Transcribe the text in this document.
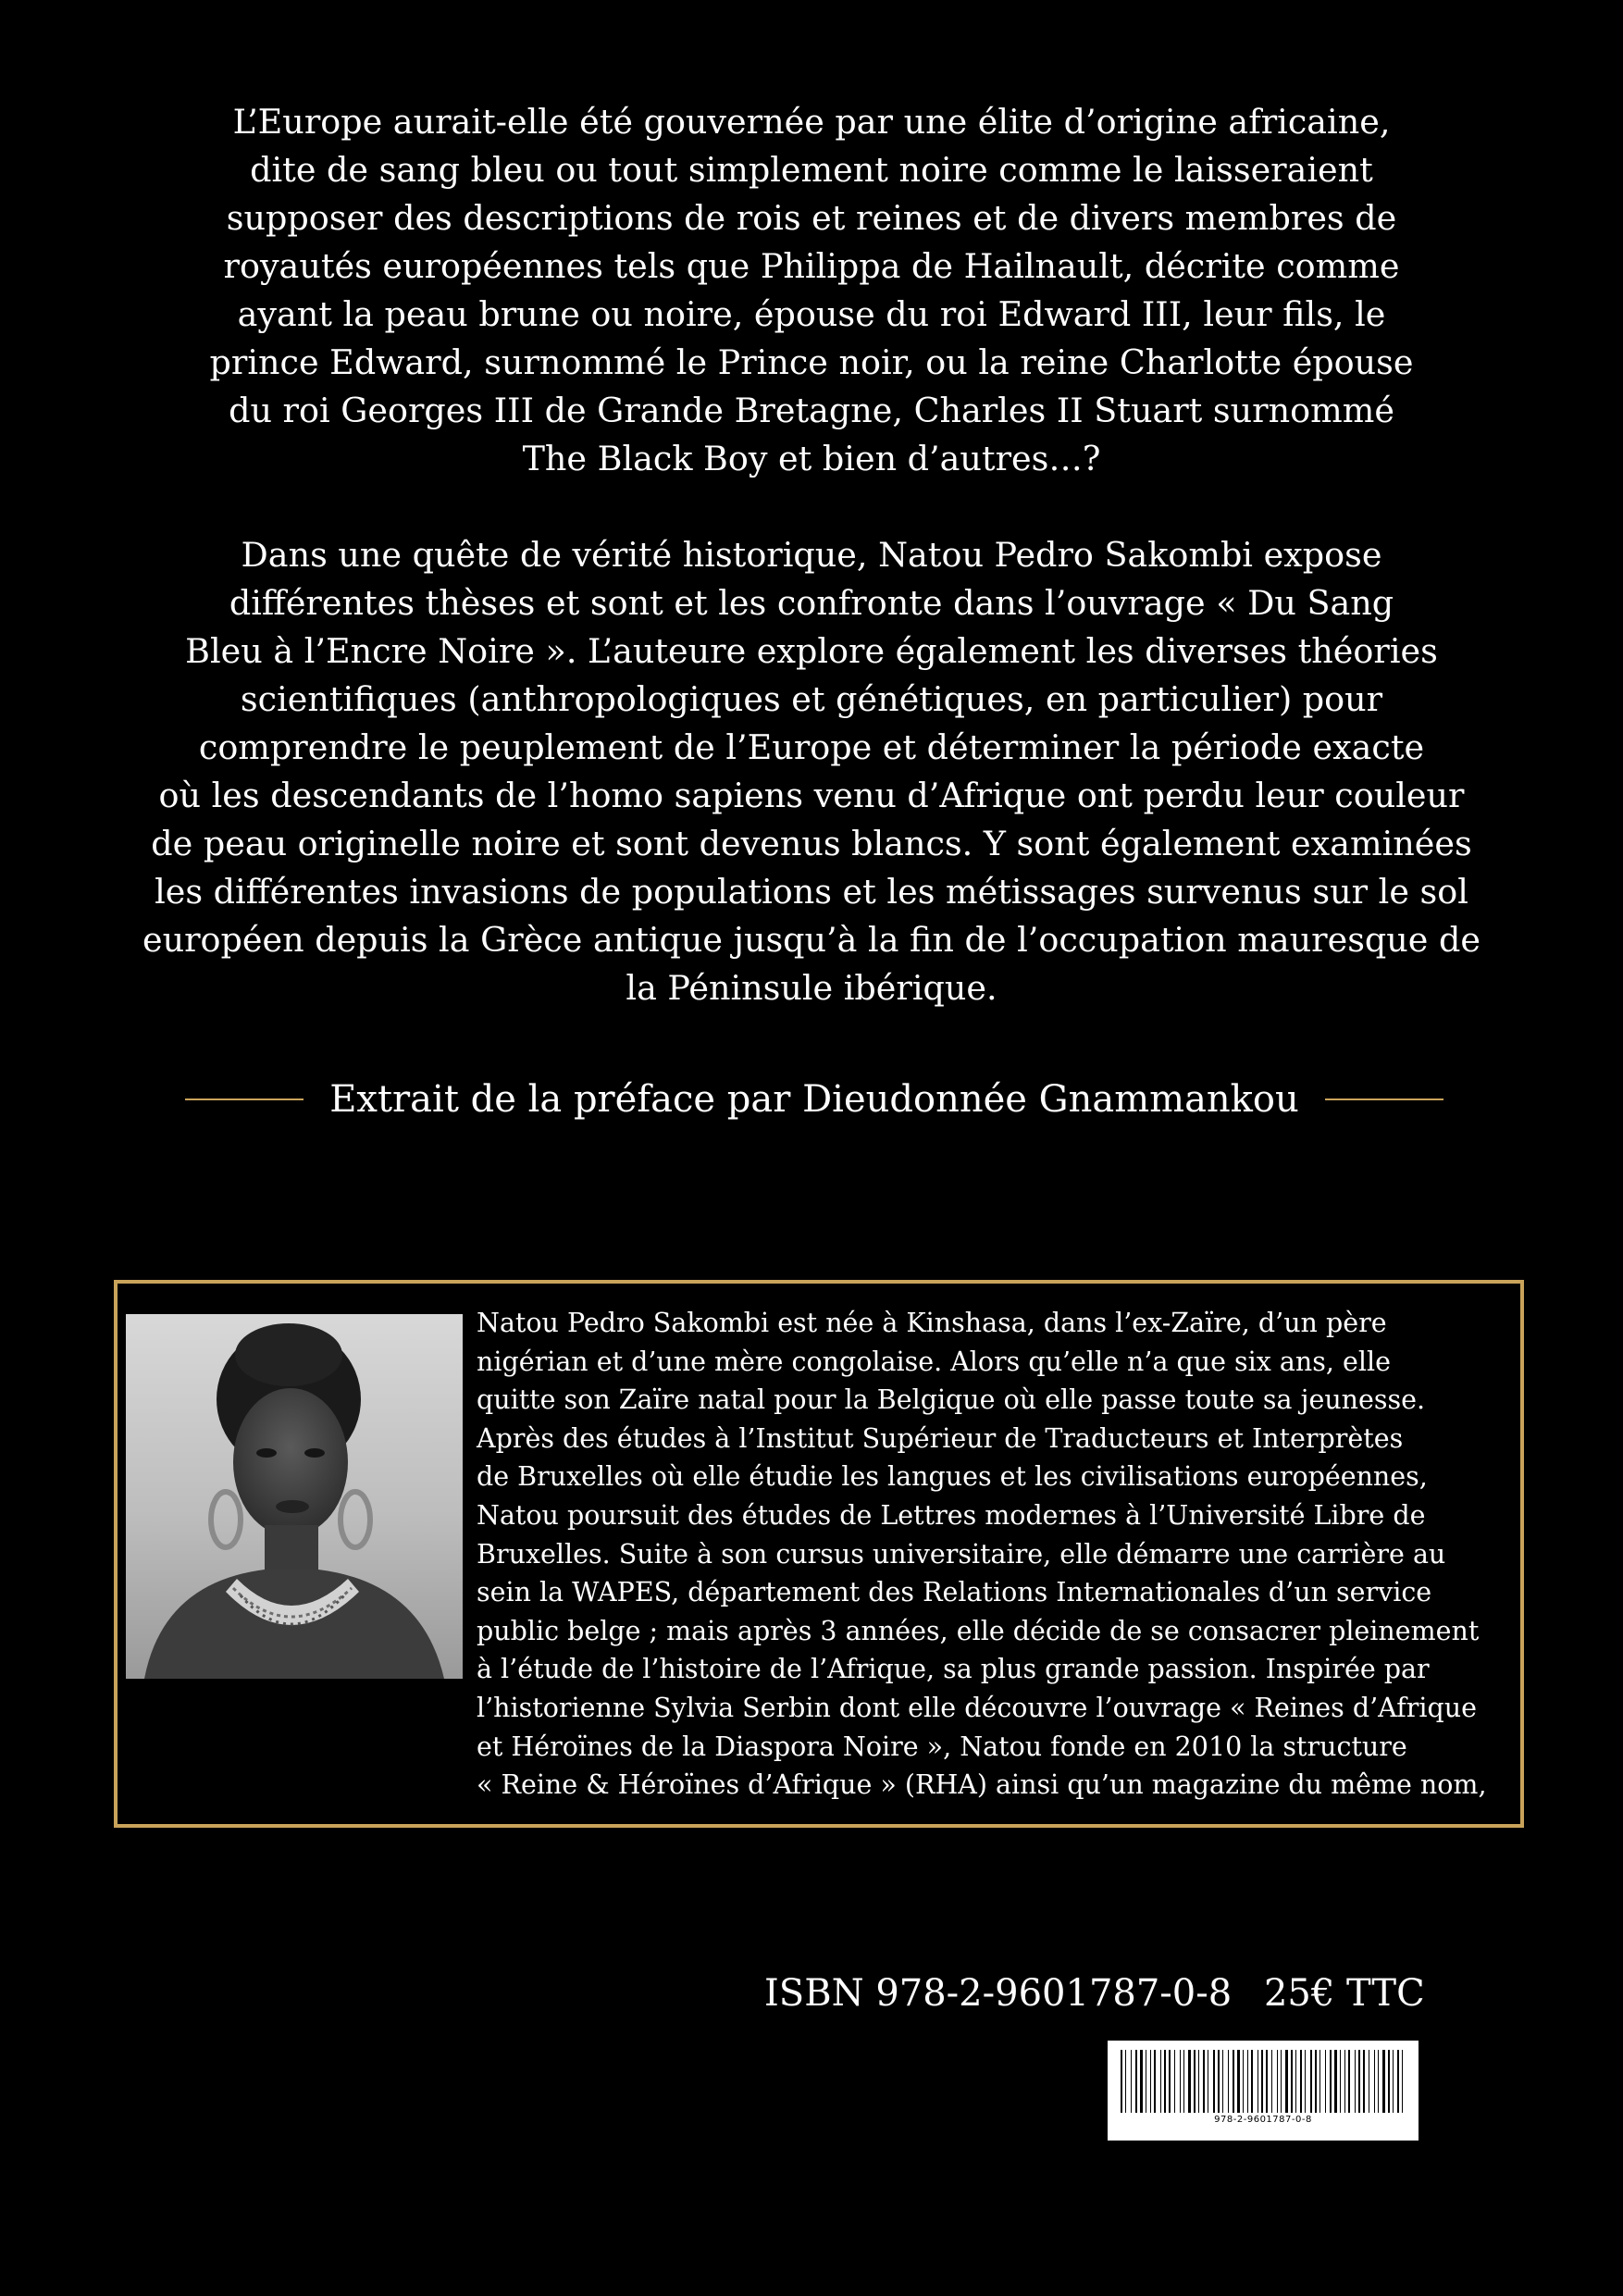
L’Europe aurait-elle été gouvernée par une élite d’origine africaine,
dite de sang bleu ou tout simplement noire comme le laisseraient
supposer des descriptions de rois et reines et de divers membres de
royautés européennes tels que Philippa de Hailnault, décrite comme
ayant la peau brune ou noire, épouse du roi Edward III, leur fils, le
prince Edward, surnommé le Prince noir, ou la reine Charlotte épouse
du roi Georges III de Grande Bretagne, Charles II Stuart surnommé
The Black Boy et bien d’autres…?

Dans une quête de vérité historique, Natou Pedro Sakombi expose
différentes thèses et sont et les confronte dans l’ouvrage « Du Sang
Bleu à l’Encre Noire ». L’auteure explore également les diverses théories
scientifiques (anthropologiques et génétiques, en particulier) pour
comprendre le peuplement de l’Europe et déterminer la période exacte
où les descendants de l’homo sapiens venu d’Afrique ont perdu leur couleur
de peau originelle noire et sont devenus blancs. Y sont également examinées
les différentes invasions de populations et les métissages survenus sur le sol
européen depuis la Grèce antique jusqu’à la fin de l’occupation mauresque de
la Péninsule ibérique.

Extrait de la préface par Dieudonnée Gnammankou

Natou Pedro Sakombi est née à Kinshasa, dans l’ex-Zaïre, d’un père
nigérian et d’une mère congolaise. Alors qu’elle n’a que six ans, elle
quitte son Zaïre natal pour la Belgique où elle passe toute sa jeunesse.
Après des études à l’Institut Supérieur de Traducteurs et Interprètes
de Bruxelles où elle étudie les langues et les civilisations européennes,
Natou poursuit des études de Lettres modernes à l’Université Libre de
Bruxelles. Suite à son cursus universitaire, elle démarre une carrière au
sein la WAPES, département des Relations Internationales d’un service
public belge ; mais après 3 années, elle décide de se consacrer pleinement
à l’étude de l’histoire de l’Afrique, sa plus grande passion. Inspirée par
l’historienne Sylvia Serbin dont elle découvre l’ouvrage « Reines d’Afrique
et Héroïnes de la Diaspora Noire », Natou fonde en 2010 la structure
« Reine & Héroïnes d’Afrique » (RHA) ainsi qu’un magazine du même nom,

ISBN 978-2-9601787-0-8 25€ TTC
978-2-9601787-0-8
